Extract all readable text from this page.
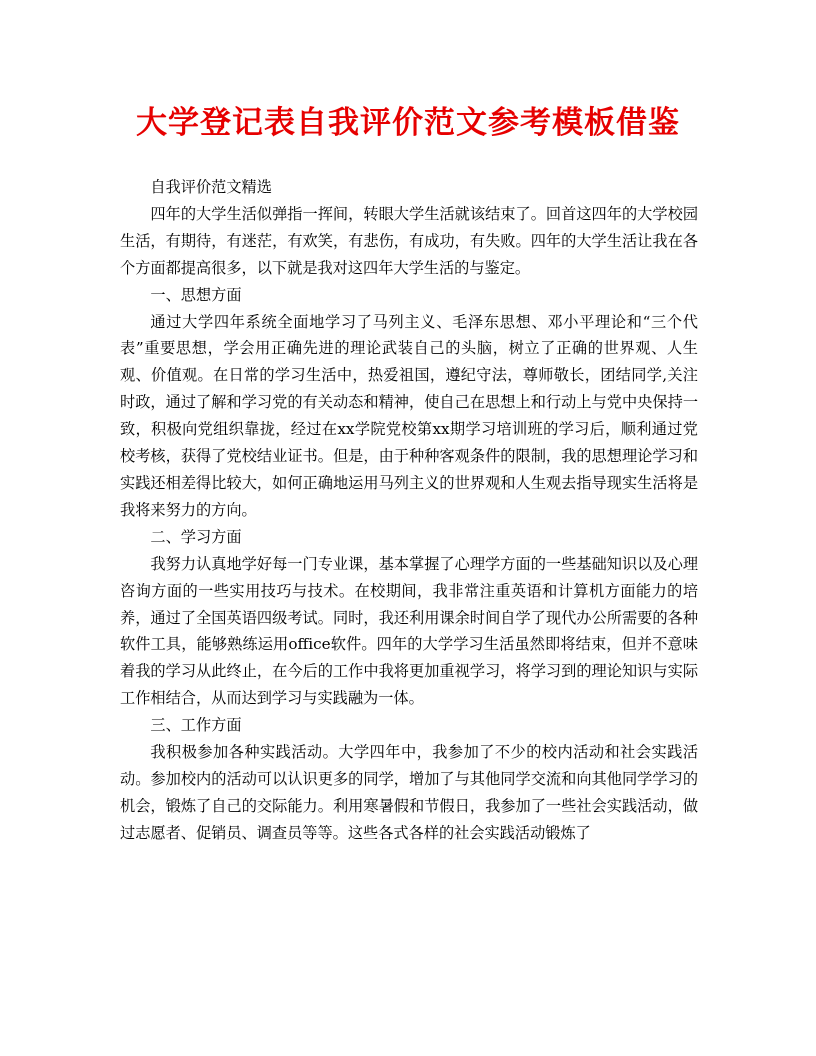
大学登记表自我评价范文参考模板借鉴

自我评价范文精选

四年的大学生活似弹指一挥间，转眼大学生活就该结束了。回首这四年的大学校园生活，有期待，有迷茫，有欢笑，有悲伤，有成功，有失败。四年的大学生活让我在各个方面都提高很多，以下就是我对这四年大学生活的与鉴定。

一、思想方面

通过大学四年系统全面地学习了马列主义、毛泽东思想、邓小平理论和“三个代表”重要思想，学会用正确先进的理论武装自己的头脑，树立了正确的世界观、人生观、价值观。在日常的学习生活中，热爱祖国，遵纪守法，尊师敬长，团结同学,关注时政，通过了解和学习党的有关动态和精神，使自己在思想上和行动上与党中央保持一致，积极向党组织靠拢，经过在xx学院党校第xx期学习培训班的学习后，顺利通过党校考核，获得了党校结业证书。但是，由于种种客观条件的限制，我的思想理论学习和实践还相差得比较大，如何正确地运用马列主义的世界观和人生观去指导现实生活将是我将来努力的方向。

二、学习方面

我努力认真地学好每一门专业课，基本掌握了心理学方面的一些基础知识以及心理咨询方面的一些实用技巧与技术。在校期间，我非常注重英语和计算机方面能力的培养，通过了全国英语四级考试。同时，我还利用课余时间自学了现代办公所需要的各种软件工具，能够熟练运用office软件。四年的大学学习生活虽然即将结束，但并不意味着我的学习从此终止，在今后的工作中我将更加重视学习，将学习到的理论知识与实际工作相结合，从而达到学习与实践融为一体。

三、工作方面

我积极参加各种实践活动。大学四年中，我参加了不少的校内活动和社会实践活动。参加校内的活动可以认识更多的同学，增加了与其他同学交流和向其他同学学习的机会，锻炼了自己的交际能力。利用寒暑假和节假日，我参加了一些社会实践活动，做过志愿者、促销员、调查员等等。这些各式各样的社会实践活动锻炼了
